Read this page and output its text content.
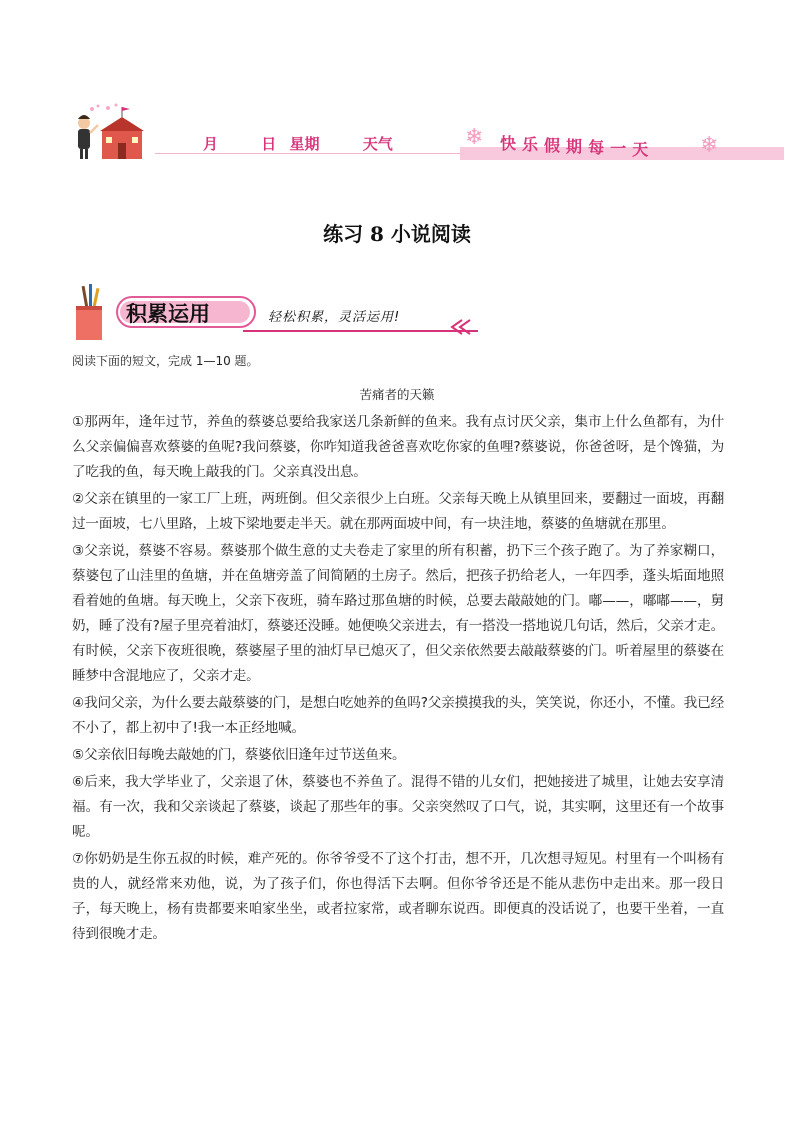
月	日 星期	天气	❄ 快乐假期每一天 ❄
练习 8 小说阅读
积累运用	轻松积累，灵活运用!
阅读下面的短文，完成 1—10 题。
苦痛者的天籁

①那两年，逢年过节，养鱼的蔡婆总要给我家送几条新鲜的鱼来。我有点讨厌父亲，集市上什么鱼都有，为什么父亲偏偏喜欢蔡婆的鱼呢?我问蔡婆，你咋知道我爸爸喜欢吃你家的鱼哩?蔡婆说，你爸爸呀，是个馋猫，为了吃我的鱼，每天晚上敲我的门。父亲真没出息。

②父亲在镇里的一家工厂上班，两班倒。但父亲很少上白班。父亲每天晚上从镇里回来，要翻过一面坡，再翻过一面坡，七八里路，上坡下梁地要走半天。就在那两面坡中间，有一块洼地，蔡婆的鱼塘就在那里。

③父亲说，蔡婆不容易。蔡婆那个做生意的丈夫卷走了家里的所有积蓄，扔下三个孩子跑了。为了养家糊口，蔡婆包了山洼里的鱼塘，并在鱼塘旁盖了间简陋的土房子。然后，把孩子扔给老人，一年四季，蓬头垢面地照看着她的鱼塘。每天晚上，父亲下夜班，骑车路过那鱼塘的时候，总要去敲敲她的门。嘟——，嘟嘟——，舅奶，睡了没有?屋子里亮着油灯，蔡婆还没睡。她便唤父亲进去，有一搭没一搭地说几句话，然后，父亲才走。有时候，父亲下夜班很晚，蔡婆屋子里的油灯早已熄灭了，但父亲依然要去敲敲蔡婆的门。听着屋里的蔡婆在睡梦中含混地应了，父亲才走。

④我问父亲，为什么要去敲蔡婆的门，是想白吃她养的鱼吗?父亲摸摸我的头，笑笑说，你还小，不懂。我已经不小了，都上初中了!我一本正经地喊。

⑤父亲依旧每晚去敲她的门，蔡婆依旧逢年过节送鱼来。

⑥后来，我大学毕业了，父亲退了休，蔡婆也不养鱼了。混得不错的儿女们，把她接进了城里，让她去安享清福。有一次，我和父亲谈起了蔡婆，谈起了那些年的事。父亲突然叹了口气，说，其实啊，这里还有一个故事呢。

⑦你奶奶是生你五叔的时候，难产死的。你爷爷受不了这个打击，想不开，几次想寻短见。村里有一个叫杨有贵的人，就经常来劝他，说，为了孩子们，你也得活下去啊。但你爷爷还是不能从悲伤中走出来。那一段日子，每天晚上，杨有贵都要来咱家坐坐，或者拉家常，或者聊东说西。即便真的没话说了，也要干坐着，一直待到很晚才走。
